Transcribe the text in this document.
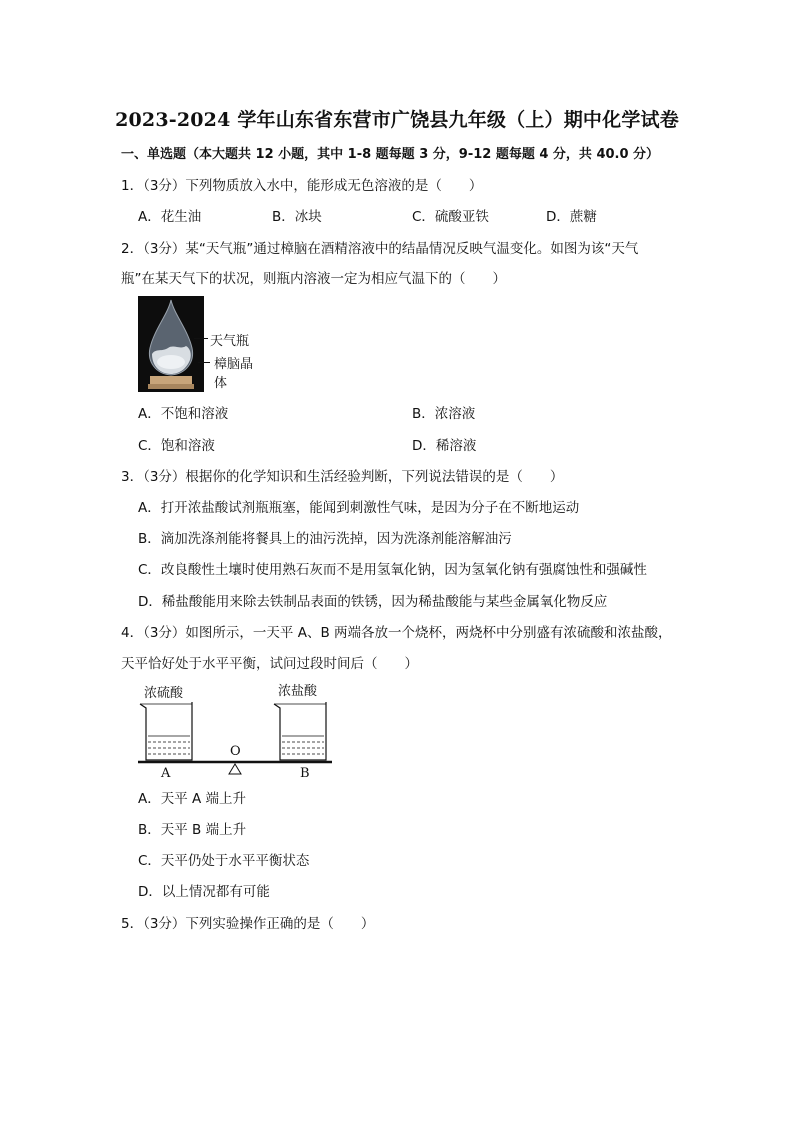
2023-2024 学年山东省东营市广饶县九年级（上）期中化学试卷
一、单选题（本大题共 12 小题，其中 1-8 题每题 3 分，9-12 题每题 4 分，共 40.0 分）
1．（3分）下列物质放入水中，能形成无色溶液的是（　　）
A．花生油	B．冰块	C．硫酸亚铁	D．蔗糖
2．（3分）某“天气瓶”通过樟脑在酒精溶液中的结晶情况反映气温变化。如图为该“天气
瓶”在某天气下的状况，则瓶内溶液一定为相应气温下的（　　）
天气瓶
樟脑晶
体
A．不饱和溶液	B．浓溶液
C．饱和溶液	D．稀溶液
3．（3分）根据你的化学知识和生活经验判断，下列说法错误的是（　　）
A．打开浓盐酸试剂瓶瓶塞，能闻到刺激性气味，是因为分子在不断地运动
B．滴加洗涤剂能将餐具上的油污洗掉，因为洗涤剂能溶解油污
C．改良酸性土壤时使用熟石灰而不是用氢氧化钠，因为氢氧化钠有强腐蚀性和强碱性
D．稀盐酸能用来除去铁制品表面的铁锈，因为稀盐酸能与某些金属氧化物反应
4．（3分）如图所示，一天平 A、B 两端各放一个烧杯，两烧杯中分别盛有浓硫酸和浓盐酸，
天平恰好处于水平平衡，试问过段时间后（　　）
浓硫酸	浓盐酸
O
A	B
A．天平 A 端上升
B．天平 B 端上升
C．天平仍处于水平平衡状态
D．以上情况都有可能
5．（3分）下列实验操作正确的是（　　）
